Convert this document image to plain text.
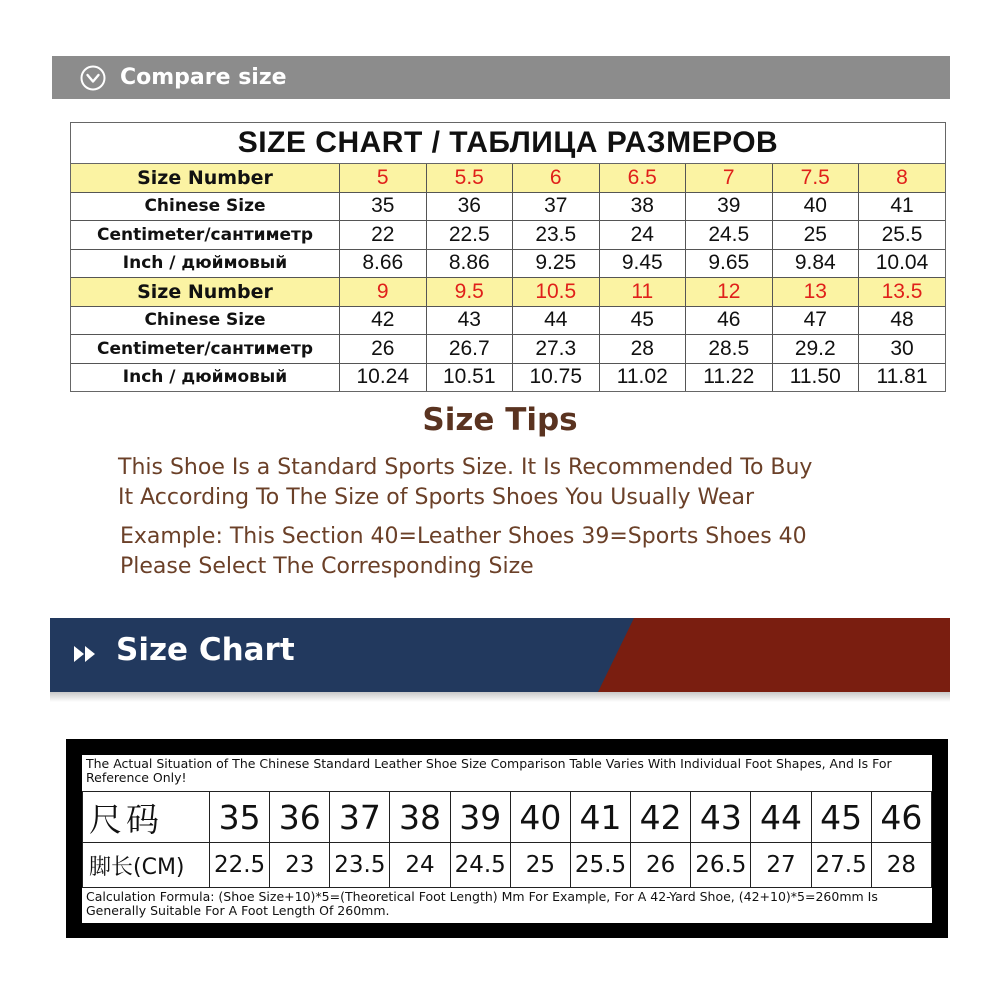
Compare size
SIZE CHART / ТАБЛИЦА РАЗМЕРОВ
Size Number	5	5.5	6	6.5	7	7.5	8
Chinese Size	35	36	37	38	39	40	41
Centimeter/сантиметр	22	22.5	23.5	24	24.5	25	25.5
Inch / дюймовый	8.66	8.86	9.25	9.45	9.65	9.84	10.04
Size Number	9	9.5	10.5	11	12	13	13.5
Chinese Size	42	43	44	45	46	47	48
Centimeter/сантиметр	26	26.7	27.3	28	28.5	29.2	30
Inch / дюймовый	10.24	10.51	10.75	11.02	11.22	11.50	11.81
Size Tips
This Shoe Is a Standard Sports Size. It Is Recommended To Buy
It According To The Size of Sports Shoes You Usually Wear
Example: This Section 40=Leather Shoes 39=Sports Shoes 40
Please Select The Corresponding Size
Size Chart
The Actual Situation of The Chinese Standard Leather Shoe Size Comparison Table Varies With Individual Foot Shapes, And Is For Reference Only!
尺码	35	36	37	38	39	40	41	42	43	44	45	46
脚长(CM)	22.5	23	23.5	24	24.5	25	25.5	26	26.5	27	27.5	28
Calculation Formula: (Shoe Size+10)*5=(Theoretical Foot Length) Mm For Example, For A 42-Yard Shoe, (42+10)*5=260mm Is Generally Suitable For A Foot Length Of 260mm.
